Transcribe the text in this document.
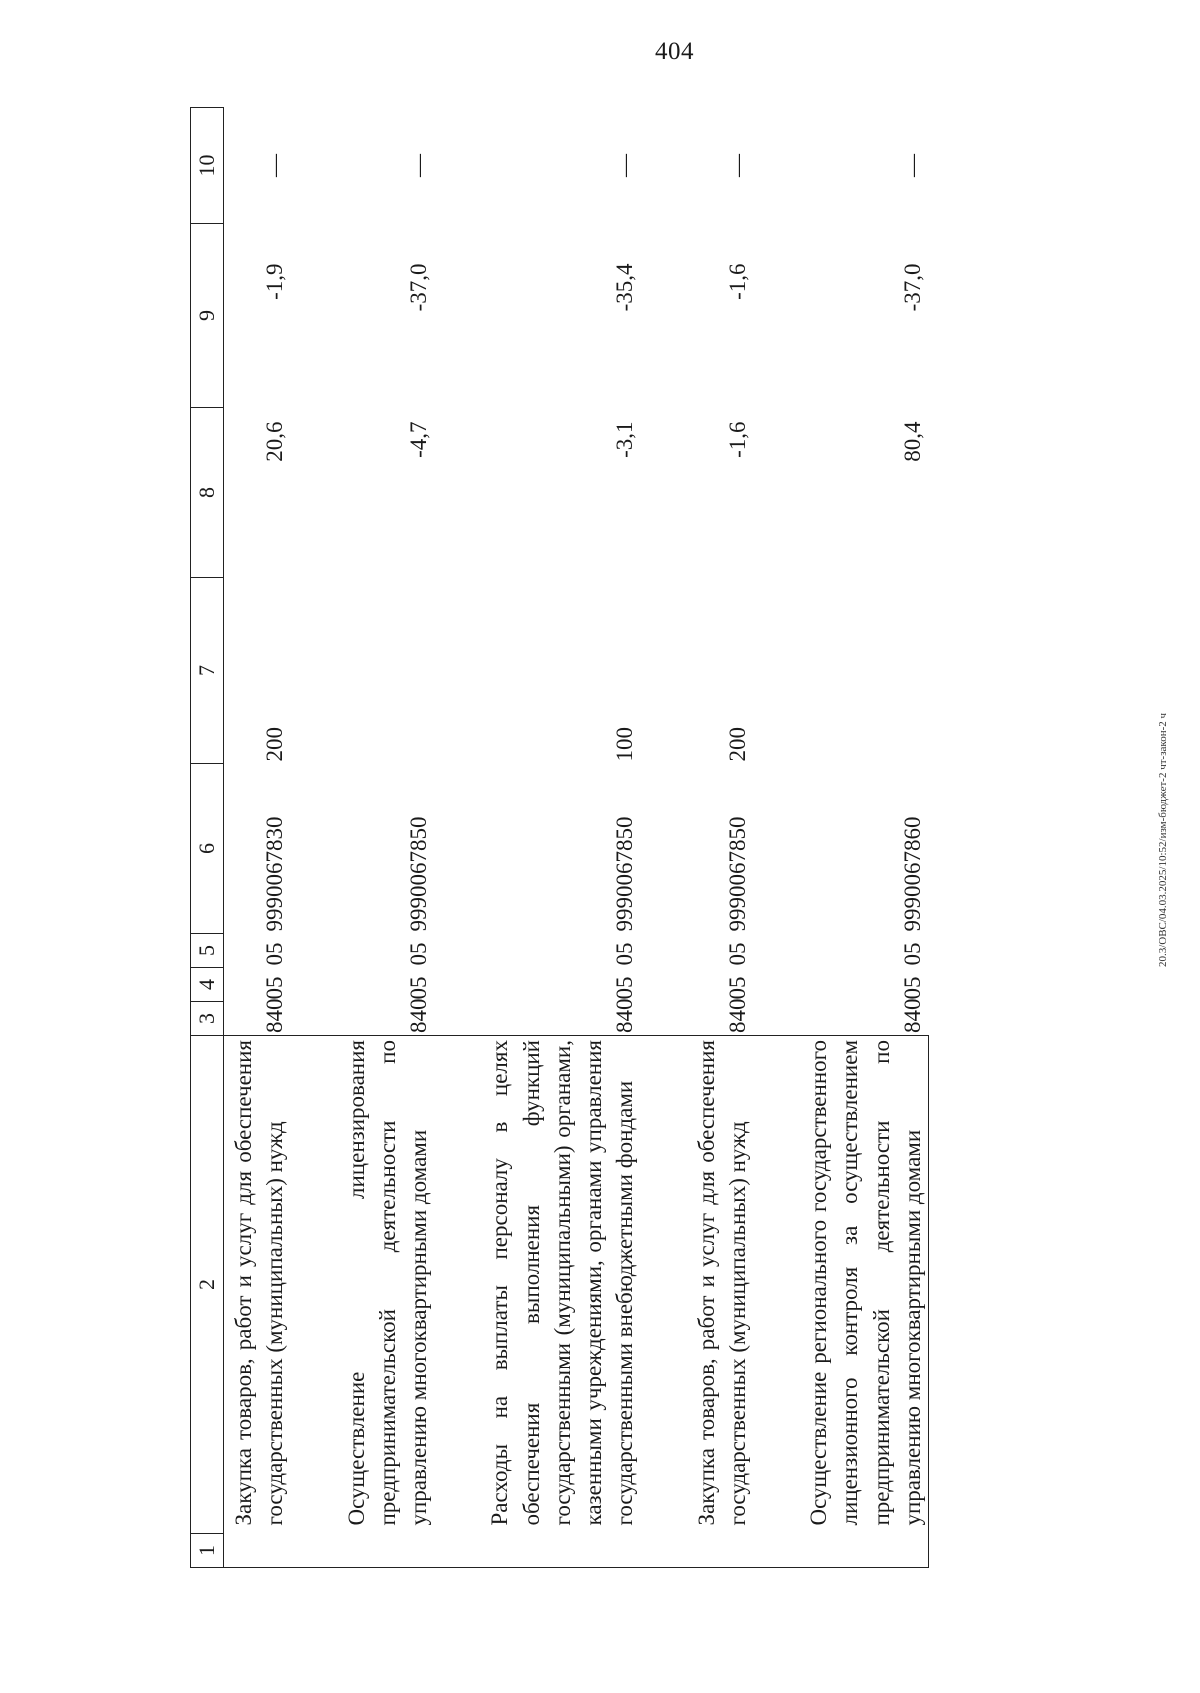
404
1	2	3	4	5	6	7	8	9	10
	Закупка товаров, работ и услуг для обеспечения государственных (муниципальных) нужд	840	05	05	9990067830	200	20,6	-1,9	—

	Осуществление лицензирования предпринимательской деятельности по управлению многоквартирными домами	840	05	05	9990067850		-4,7	-37,0	—

	Расходы на выплаты персоналу в целях обеспечения выполнения функций государственными (муниципальными) органами, казенными учреждениями, органами управления государственными внебюджетными фондами	840	05	05	9990067850	100	-3,1	-35,4	—

	Закупка товаров, работ и услуг для обеспечения государственных (муниципальных) нужд	840	05	05	9990067850	200	-1,6	-1,6	—

	Осуществление регионального государственного лицензионного контроля за осуществлением предпринимательской деятельности по управлению многоквартирными домами	840	05	05	9990067860		80,4	-37,0	—
20.3/OBC/04.03.2025/10:52/изм-бюджет-2 чт-закон-2 ч
